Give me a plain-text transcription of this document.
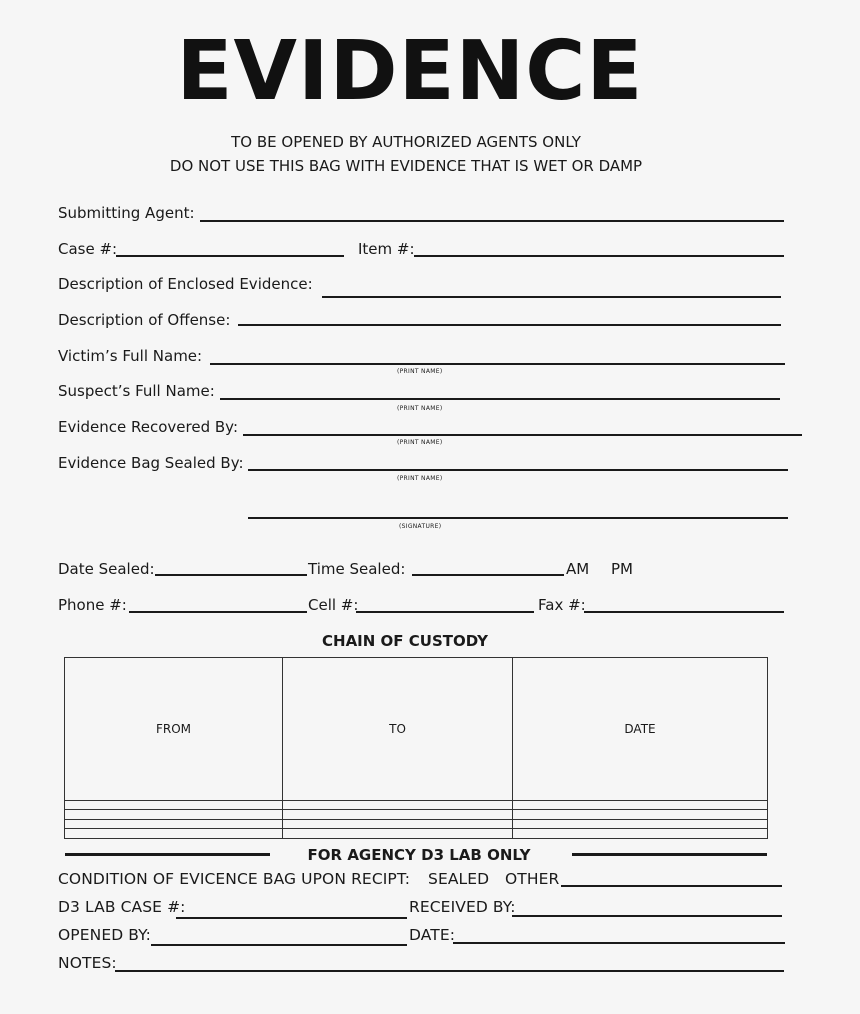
EVIDENCE
TO BE OPENED BY AUTHORIZED AGENTS ONLY
DO NOT USE THIS BAG WITH EVIDENCE THAT IS WET OR DAMP
Submitting Agent:
Case #:	Item #:
Description of Enclosed Evidence:
Description of Offense:
Victim’s Full Name:
(PRINT NAME)
Suspect’s Full Name:
(PRINT NAME)
Evidence Recovered By:
(PRINT NAME)
Evidence Bag Sealed By:
(PRINT NAME)
(SIGNATURE)
Date Sealed:	Time Sealed:	AM PM
Phone #:	Cell #:	Fax #:
CHAIN OF CUSTODY
FROM	TO	DATE

FOR AGENCY D3 LAB ONLY
CONDITION OF EVICENCE BAG UPON RECIPT: SEALED OTHER
D3 LAB CASE #:	RECEIVED BY:
OPENED BY:	DATE:
NOTES:
